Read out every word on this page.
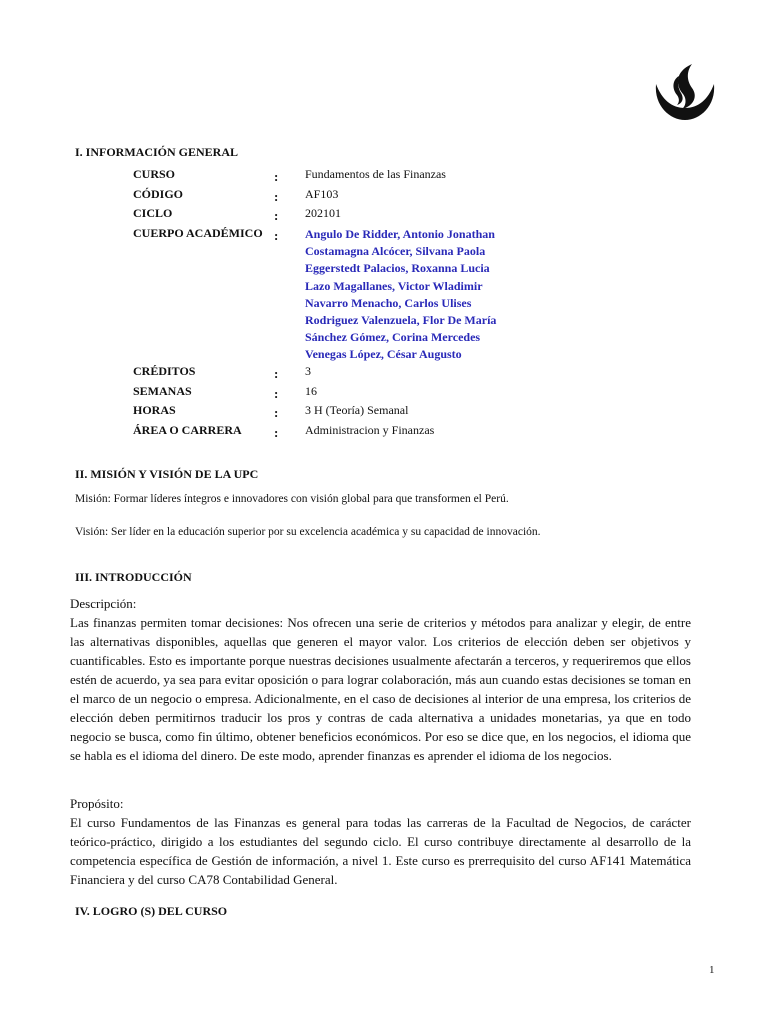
I. INFORMACIÓN GENERAL
CURSO	: Fundamentos de las Finanzas
CÓDIGO	: AF103
CICLO	: 202101
CUERPO ACADÉMICO : Angulo De Ridder, Antonio Jonathan
Costamagna Alcócer, Silvana Paola
Eggerstedt Palacios, Roxanna Lucia
Lazo Magallanes, Victor Wladimir
Navarro Menacho, Carlos Ulises
Rodriguez Valenzuela, Flor De María
Sánchez Gómez, Corina Mercedes
Venegas López, César Augusto
CRÉDITOS	: 3
SEMANAS	: 16
HORAS	: 3 H (Teoría) Semanal
ÁREA O CARRERA : Administracion y Finanzas
II. MISIÓN Y VISIÓN DE LA UPC
Misión: Formar líderes íntegros e innovadores con visión global para que transformen el Perú.
Visión: Ser líder en la educación superior por su excelencia académica y su capacidad de innovación.
III. INTRODUCCIÓN
Descripción:

Las finanzas permiten tomar decisiones: Nos ofrecen una serie de criterios y métodos para analizar y elegir, de entre las alternativas disponibles, aquellas que generen el mayor valor. Los criterios de elección deben ser objetivos y cuantificables. Esto es importante porque nuestras decisiones usualmente afectarán a terceros, y requeriremos que ellos estén de acuerdo, ya sea para evitar oposición o para lograr colaboración, más aun cuando estas decisiones se toman en el marco de un negocio o empresa. Adicionalmente, en el caso de decisiones al interior de una empresa, los criterios de elección deben permitirnos traducir los pros y contras de cada alternativa a unidades monetarias, ya que en todo negocio se busca, como fin último, obtener beneficios económicos. Por eso se dice que, en los negocios, el idioma que se habla es el idioma del dinero. De este modo, aprender finanzas es aprender el idioma de los negocios.

Propósito:

El curso Fundamentos de las Finanzas es general para todas las carreras de la Facultad de Negocios, de carácter teórico-práctico, dirigido a los estudiantes del segundo ciclo. El curso contribuye directamente al desarrollo de la competencia específica de Gestión de información, a nivel 1. Este curso es prerrequisito del curso AF141 Matemática Financiera y del curso CA78 Contabilidad General.

IV. LOGRO (S) DEL CURSO
1
